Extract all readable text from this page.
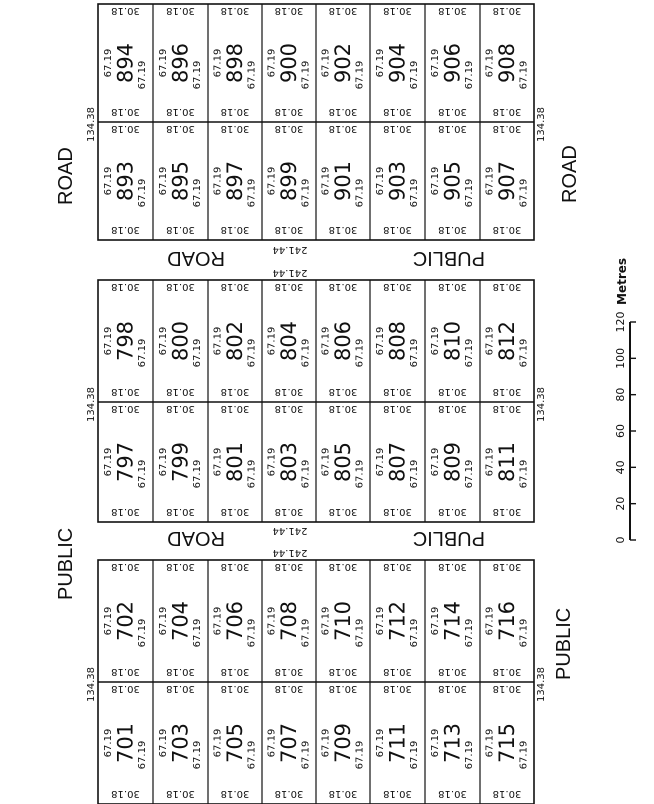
134.38	134.38
894
67.19 67.19
30.18
30.18
896
67.19 67.19
30.18
30.18
898
67.19 67.19
30.18
30.18
900
67.19 67.19
30.18
30.18
902
67.19 67.19
30.18
30.18
904
67.19 67.19
30.18
30.18
906
67.19 67.19
30.18
30.18
908
67.19 67.19
30.18
30.18
893
67.19 67.19
30.18
30.18
895
67.19 67.19
30.18
30.18
897
67.19 67.19
30.18
30.18
899
67.19 67.19
30.18
30.18
901
67.19 67.19
30.18
30.18
903
67.19 67.19
30.18
30.18
905
67.19 67.19
30.18
30.18
907
67.19 67.19
30.18
30.18
134.38	134.38
798
67.19 67.19
30.18
30.18
800
67.19 67.19
30.18
30.18
802
67.19 67.19
30.18
30.18
804
67.19 67.19
30.18
30.18
806
67.19 67.19
30.18
30.18
808
67.19 67.19
30.18
30.18
810
67.19 67.19
30.18
30.18
812
67.19 67.19
30.18
30.18
797
67.19 67.19
30.18
30.18
799
67.19 67.19
30.18
30.18
801
67.19 67.19
30.18
30.18
803
67.19 67.19
30.18
30.18
805
67.19 67.19
30.18
30.18
807
67.19 67.19
30.18
30.18
809
67.19 67.19
30.18
30.18
811
67.19 67.19
30.18
30.18
134.38	134.38
702
67.19 67.19
30.18
30.18
704
67.19 67.19
30.18
30.18
706
67.19 67.19
30.18
30.18
708
67.19 67.19
30.18
30.18
710
67.19 67.19
30.18
30.18
712
67.19 67.19
30.18
30.18
714
67.19 67.19
30.18
30.18
716
67.19 67.19
30.18
30.18
701
67.19 67.19
30.18
30.18
703
67.19 67.19
30.18
30.18
705
67.19 67.19
30.18
30.18
707
67.19 67.19
30.18
30.18
709
67.19 67.19
30.18
30.18
711
67.19 67.19
30.18
30.18
713
67.19 67.19
30.18
30.18
715
67.19 67.19
30.18
30.18
241.44
241.44
241.44
241.44
ROAD	ROAD
PUBLIC
ROAD
PUBLIC	PUBLIC
ROAD
PUBLIC
0
20
40
60
80
100
120
Metres
